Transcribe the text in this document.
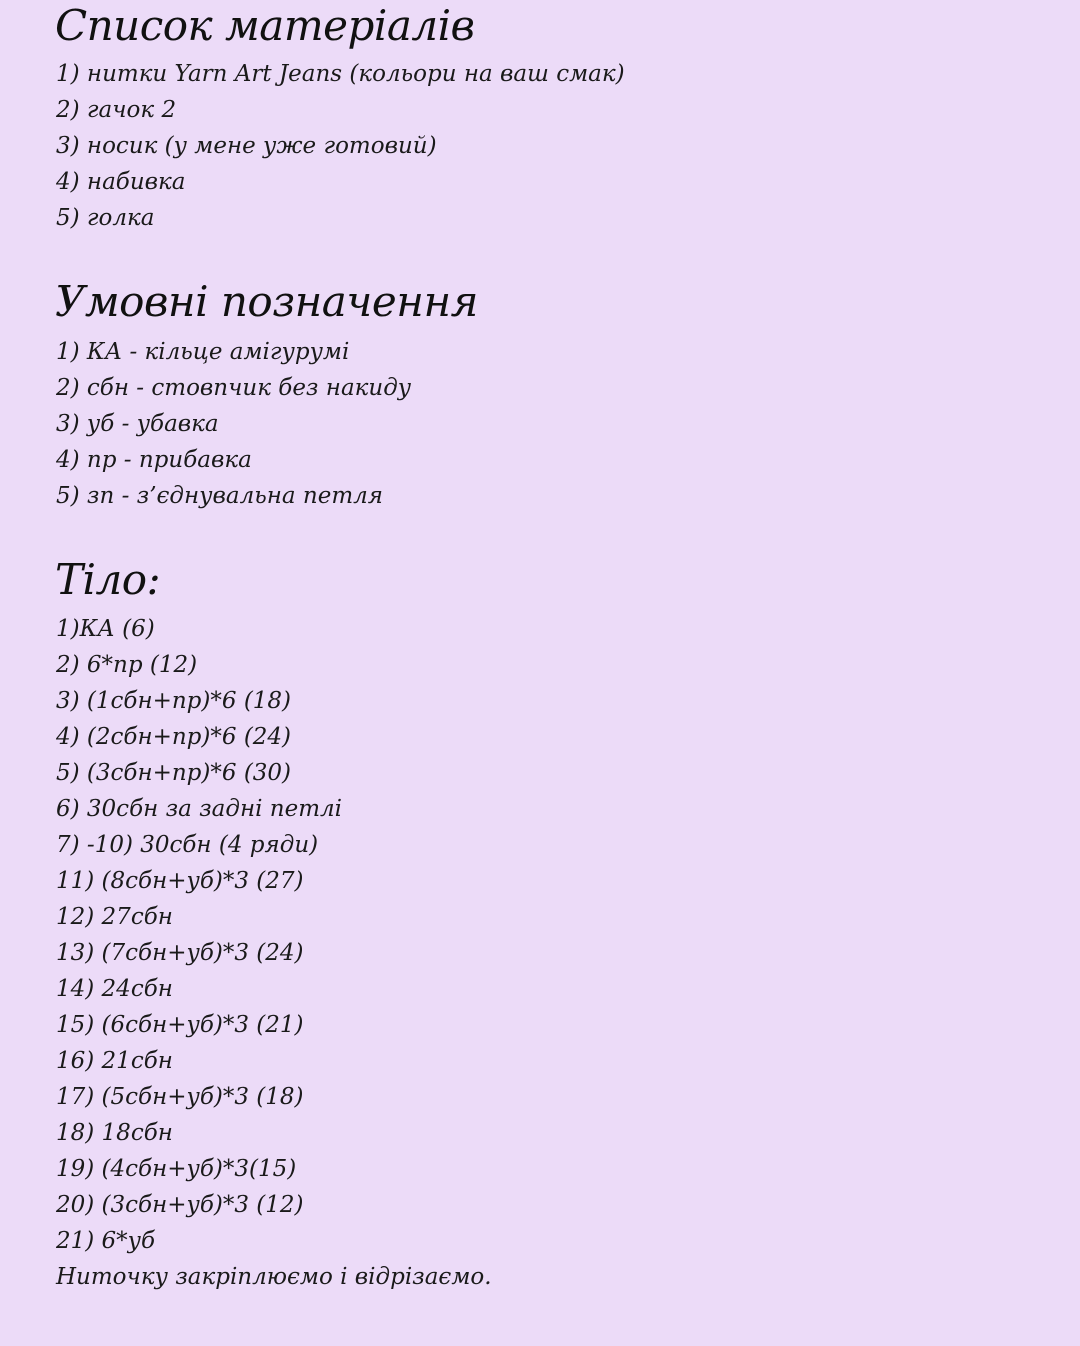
Список матеріалів
1) нитки Yarn Art Jeans (кольори на ваш смак)
2) гачок 2
3) носик (у мене уже готовий)
4) набивка
5) голка
Умовні позначення
1) КА - кільце амігурумі
2) сбн - стовпчик без накиду
3) уб - убавка
4) пр - прибавка
5) зп - з’єднувальна петля
Тіло:
1)КА (6)
2) 6*пр (12)
3) (1сбн+пр)*6 (18)
4) (2сбн+пр)*6 (24)
5) (3сбн+пр)*6 (30)
6) 30сбн за задні петлі
7) -10) 30сбн (4 ряди)
11) (8сбн+уб)*3 (27)
12) 27сбн
13) (7сбн+уб)*3 (24)
14) 24сбн
15) (6сбн+уб)*3 (21)
16) 21сбн
17) (5сбн+уб)*3 (18)
18) 18сбн
19) (4сбн+уб)*3(15)
20) (3сбн+уб)*3 (12)
21) 6*уб

Ниточку закріплюємо і відрізаємо.
